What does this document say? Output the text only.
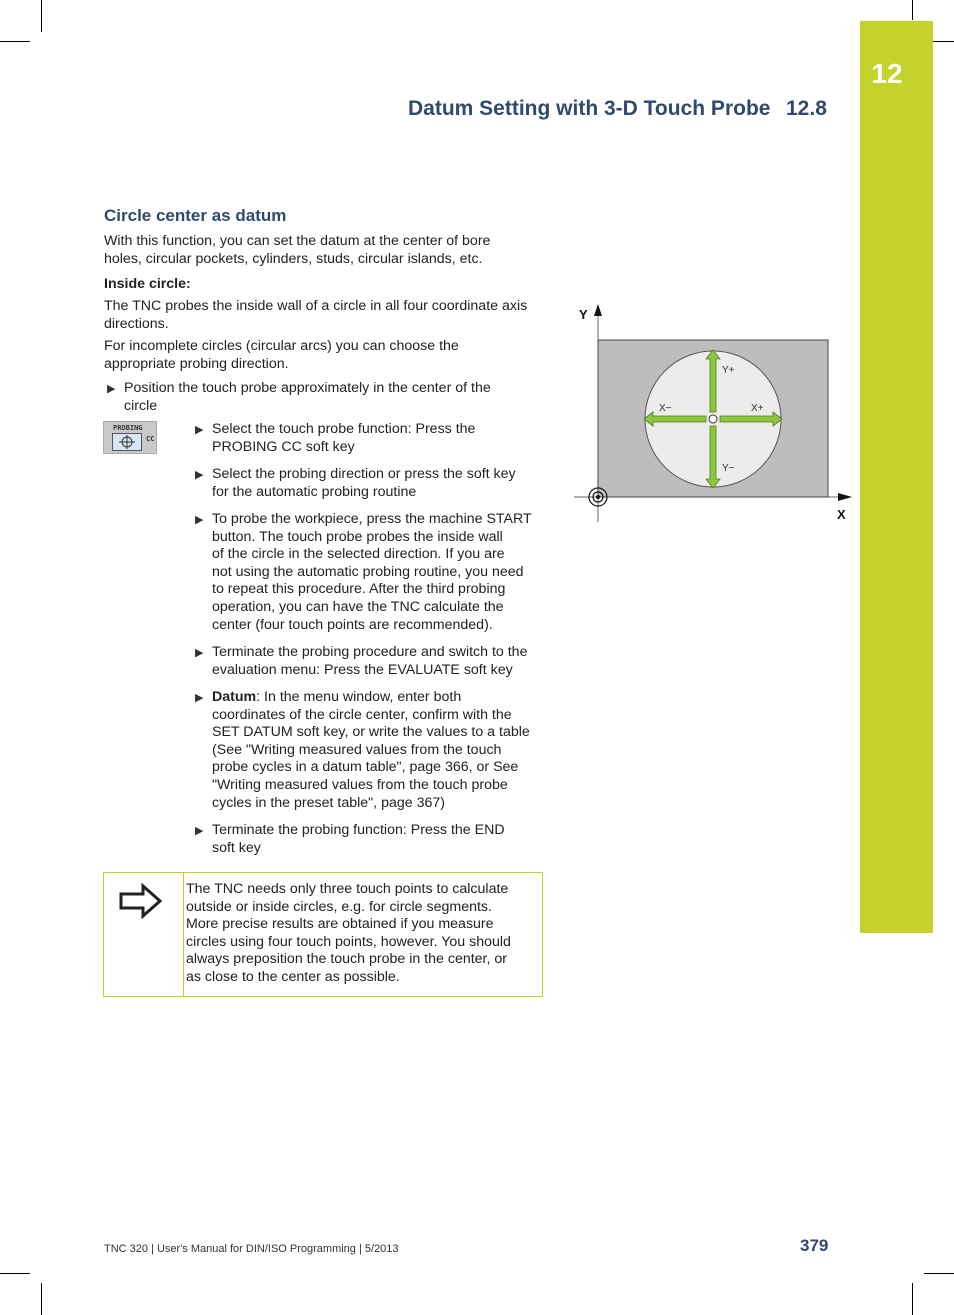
12
Datum Setting with 3-D Touch Probe 12.8
Circle center as datum
With this function, you can set the datum at the center of bore
holes, circular pockets, cylinders, studs, circular islands, etc.
Inside circle:
The TNC probes the inside wall of a circle in all four coordinate axis
directions.
For incomplete circles (circular arcs) you can choose the
appropriate probing direction.
▶ Position the touch probe approximately in the center of the
circle
PROBING
CC
▶ Select the touch probe function: Press the
PROBING CC soft key
▶ Select the probing direction or press the soft key
for the automatic probing routine
▶ To probe the workpiece, press the machine START
button. The touch probe probes the inside wall
of the circle in the selected direction. If you are
not using the automatic probing routine, you need
to repeat this procedure. After the third probing
operation, you can have the TNC calculate the
center (four touch points are recommended).
▶ Terminate the probing procedure and switch to the
evaluation menu: Press the EVALUATE soft key
▶ Datum: In the menu window, enter both
coordinates of the circle center, confirm with the
SET DATUM soft key, or write the values to a table
(See "Writing measured values from the touch
probe cycles in a datum table", page 366, or See
"Writing measured values from the touch probe
cycles in the preset table", page 367)
▶ Terminate the probing function: Press the END
soft key
The TNC needs only three touch points to calculate
outside or inside circles, e.g. for circle segments.
More precise results are obtained if you measure
circles using four touch points, however. You should
always preposition the touch probe in the center, or
as close to the center as possible.
Y
X
Y+
Y−
X+
X−
TNC 320 | User's Manual for DIN/ISO Programming | 5/2013	379
